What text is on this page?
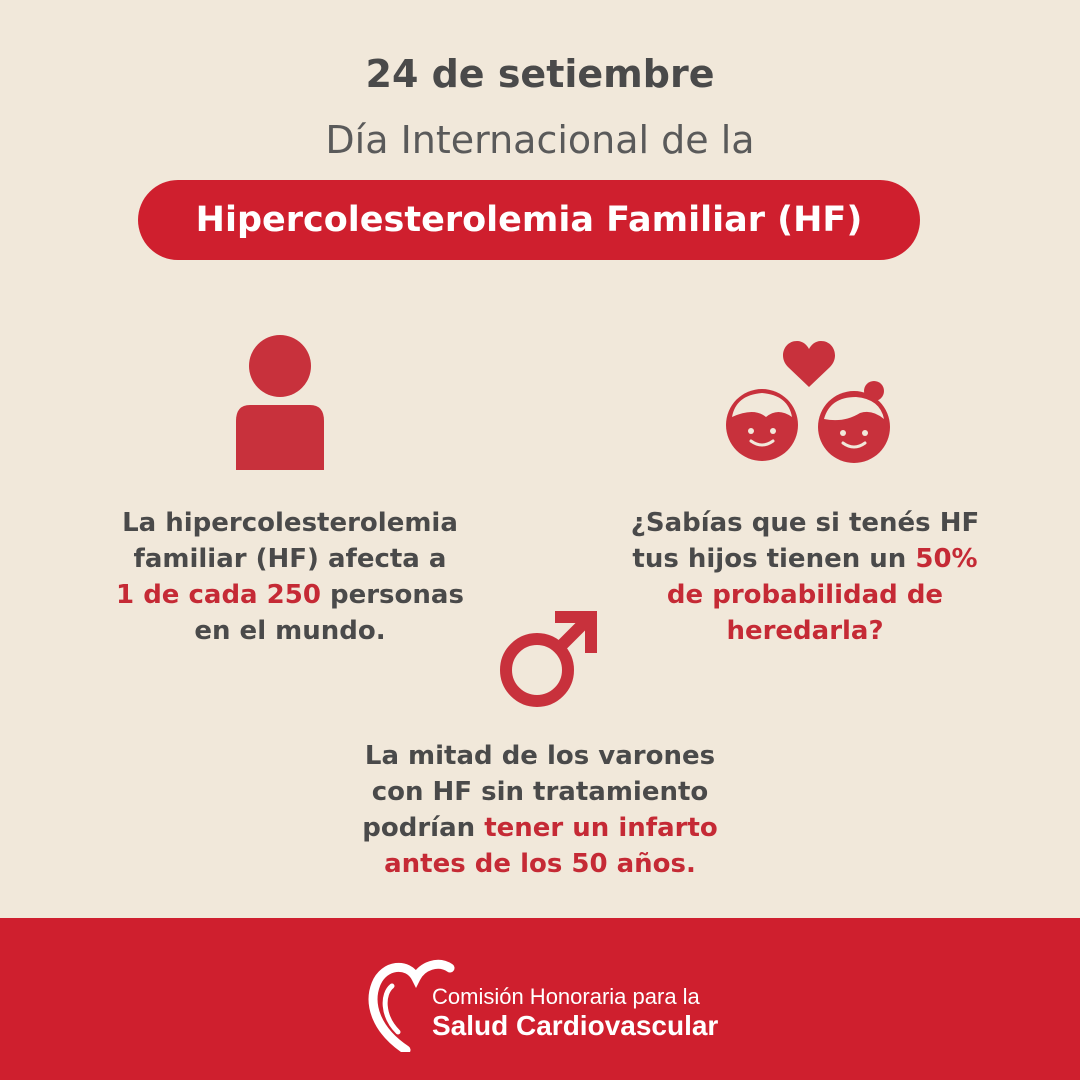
24 de setiembre
Día Internacional de la
Hipercolesterolemia Familiar (HF)
La hipercolesterolemia
familiar (HF) afecta a
1 de cada 250 personas
en el mundo.
¿Sabías que si tenés HF
tus hijos tienen un 50%
de probabilidad de
heredarla?
La mitad de los varones
con HF sin tratamiento
podrían tener un infarto
antes de los 50 años.
Comisión Honoraria para la
Salud Cardiovascular
